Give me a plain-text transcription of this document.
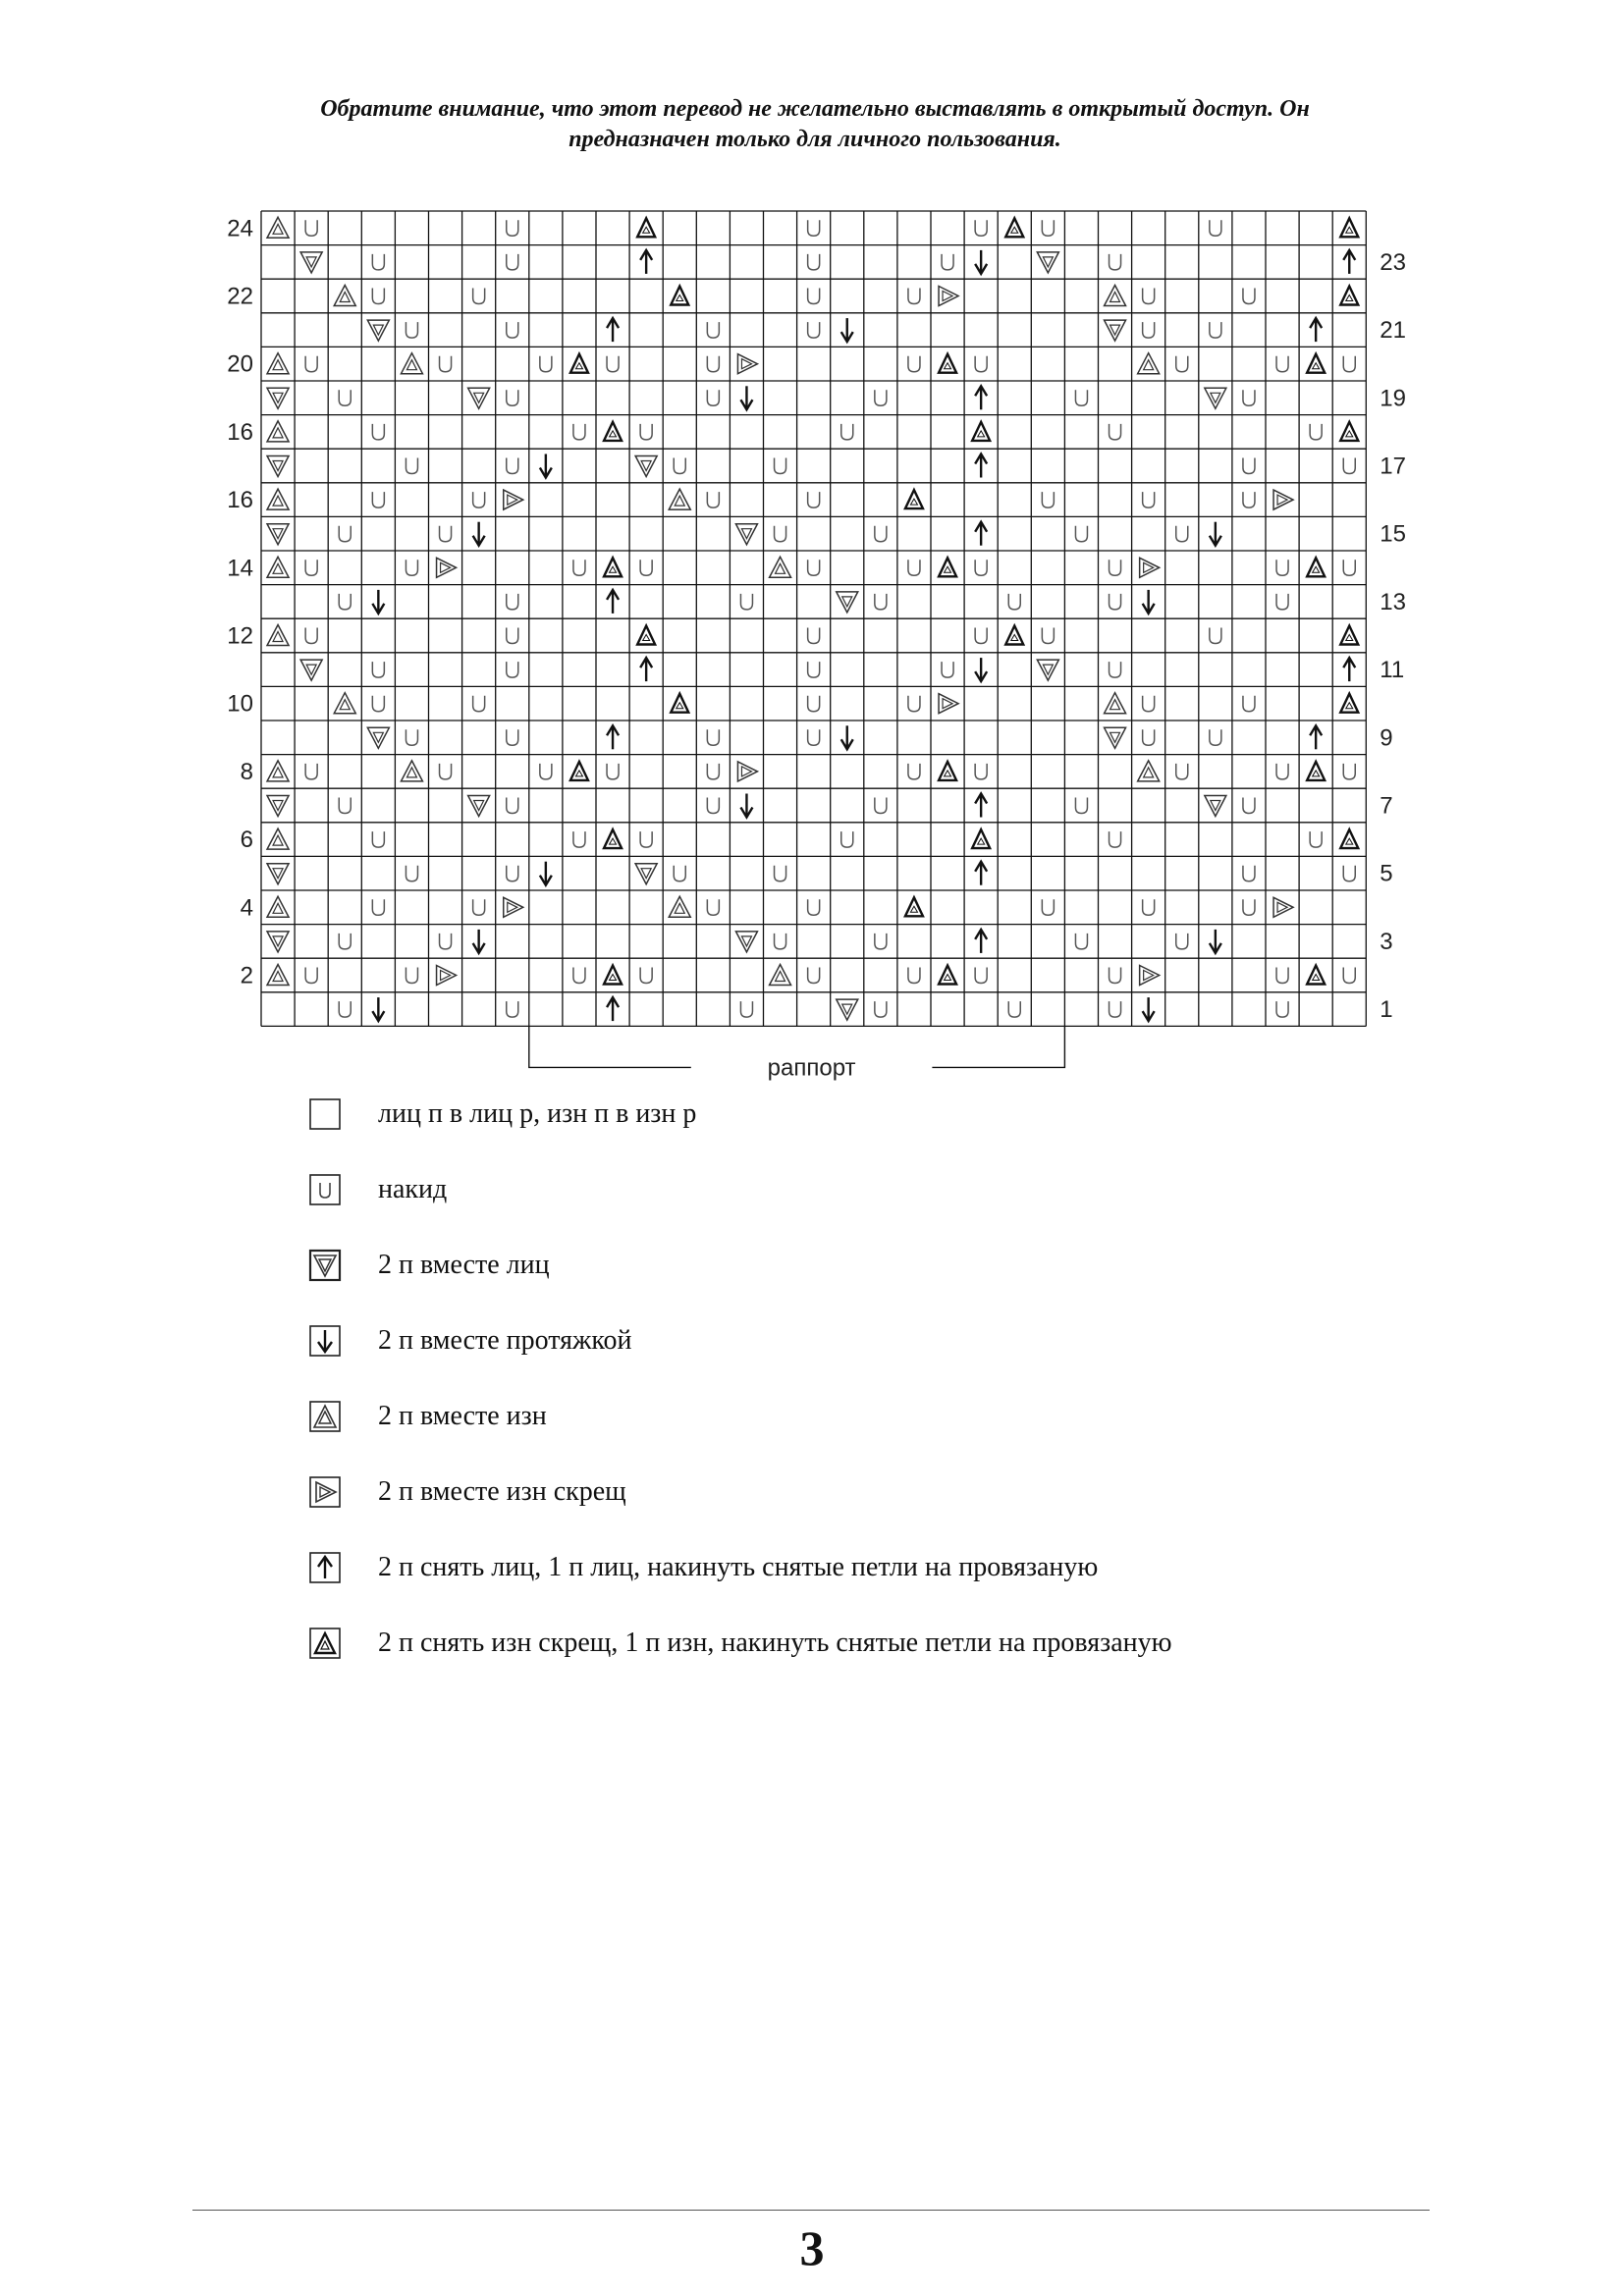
Обратите внимание, что этот перевод не желательно выставлять в открытый доступ. Он
предназначен только для личного пользования.
24
22
20
16
16
14
12
10
8
6
4
2
23
21
19
17
15
13
11
9
7
5
3
1
раппорт
лиц п в лиц р, изн п в изн р
накид
2 п вместе лиц
2 п вместе протяжкой
2 п вместе изн
2 п вместе изн скрещ
2 п снять лиц, 1 п лиц, накинуть снятые петли на провязаную
2 п снять изн скрещ, 1 п изн, накинуть снятые петли на провязаную
3
